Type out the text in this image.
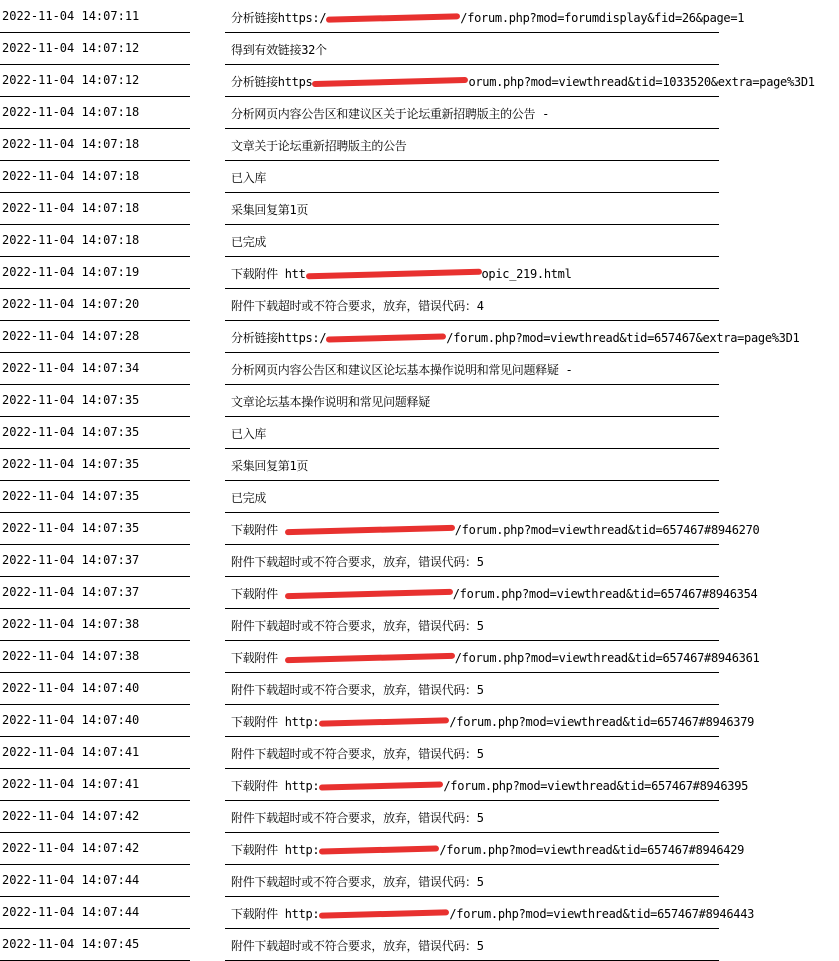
2022-11-04 14:07:11	分析链接https:/	/forum.php?mod=forumdisplay&fid=26&page=1
2022-11-04 14:07:12	得到有效链接32个
2022-11-04 14:07:12	分析链接https	orum.php?mod=viewthread&tid=1033520&extra=page%3D1
2022-11-04 14:07:18	分析网页内容公告区和建议区关于论坛重新招聘版主的公告 -
2022-11-04 14:07:18	文章关于论坛重新招聘版主的公告
2022-11-04 14:07:18	已入库
2022-11-04 14:07:18	采集回复第1页
2022-11-04 14:07:18	已完成
2022-11-04 14:07:19	下载附件 htt	opic_219.html
2022-11-04 14:07:20	附件下载超时或不符合要求，放弃，错误代码：4
2022-11-04 14:07:28	分析链接https:/	/forum.php?mod=viewthread&tid=657467&extra=page%3D1
2022-11-04 14:07:34	分析网页内容公告区和建议区论坛基本操作说明和常见问题释疑 -
2022-11-04 14:07:35	文章论坛基本操作说明和常见问题释疑
2022-11-04 14:07:35	已入库
2022-11-04 14:07:35	采集回复第1页
2022-11-04 14:07:35	已完成
2022-11-04 14:07:35	下载附件	/forum.php?mod=viewthread&tid=657467#8946270
2022-11-04 14:07:37	附件下载超时或不符合要求，放弃，错误代码：5
2022-11-04 14:07:37	下载附件	/forum.php?mod=viewthread&tid=657467#8946354
2022-11-04 14:07:38	附件下载超时或不符合要求，放弃，错误代码：5
2022-11-04 14:07:38	下载附件	/forum.php?mod=viewthread&tid=657467#8946361
2022-11-04 14:07:40	附件下载超时或不符合要求，放弃，错误代码：5
2022-11-04 14:07:40	下载附件 http:	/forum.php?mod=viewthread&tid=657467#8946379
2022-11-04 14:07:41	附件下载超时或不符合要求，放弃，错误代码：5
2022-11-04 14:07:41	下载附件 http:	/forum.php?mod=viewthread&tid=657467#8946395
2022-11-04 14:07:42	附件下载超时或不符合要求，放弃，错误代码：5
2022-11-04 14:07:42	下载附件 http:	/forum.php?mod=viewthread&tid=657467#8946429
2022-11-04 14:07:44	附件下载超时或不符合要求，放弃，错误代码：5
2022-11-04 14:07:44	下载附件 http:	/forum.php?mod=viewthread&tid=657467#8946443
2022-11-04 14:07:45	附件下载超时或不符合要求，放弃，错误代码：5
